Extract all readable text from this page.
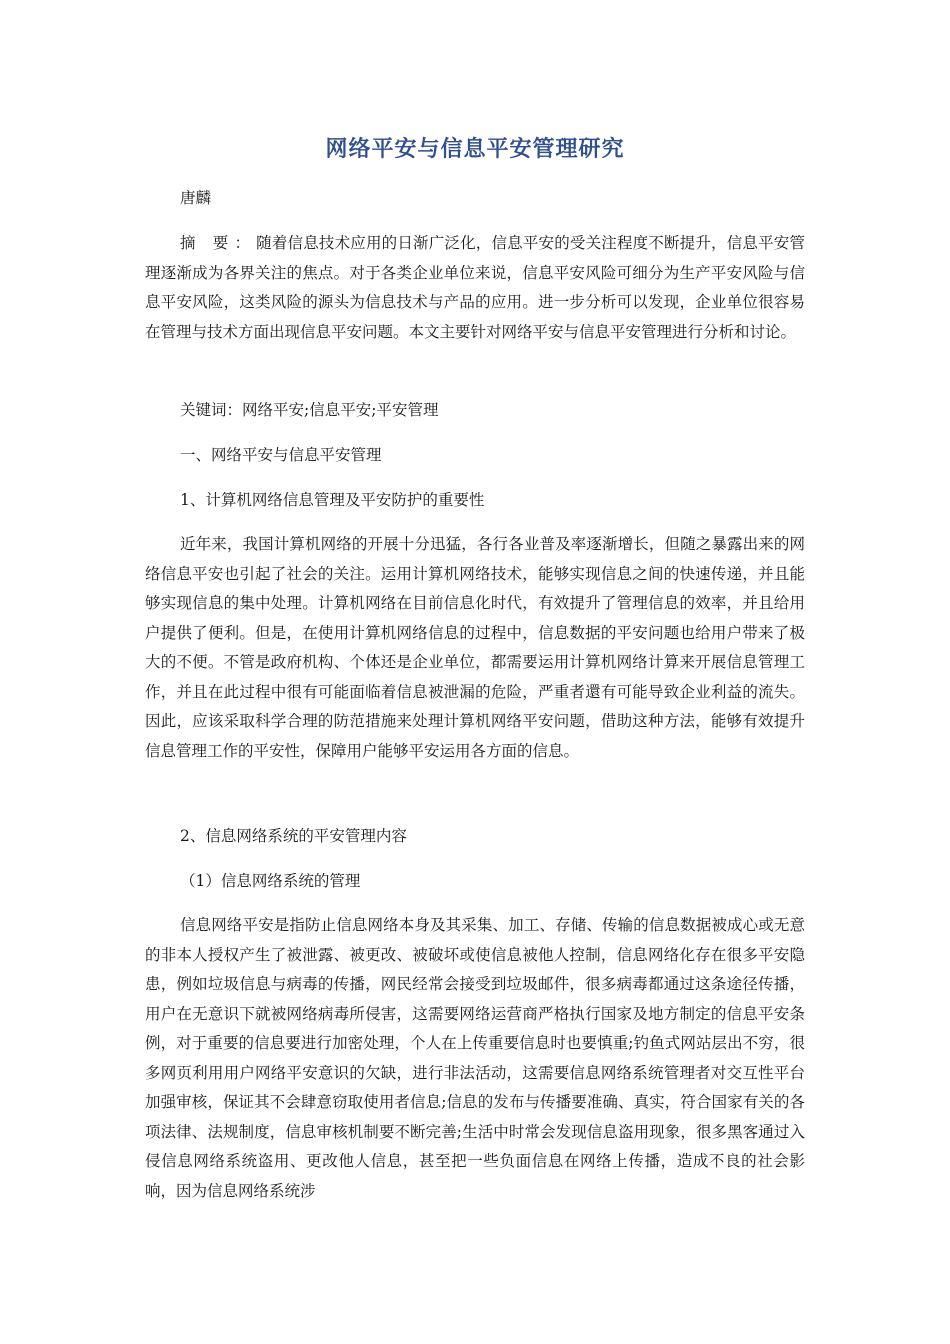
网络平安与信息平安管理研究

唐麟

摘 要：随着信息技术应用的日渐广泛化，信息平安的受关注程度不断提升，信息平安管理逐渐成为各界关注的焦点。对于各类企业单位来说，信息平安风险可细分为生产平安风险与信息平安风险，这类风险的源头为信息技术与产品的应用。进一步分析可以发现，企业单位很容易在管理与技术方面出现信息平安问题。本文主要针对网络平安与信息平安管理进行分析和讨论。

关键词：网络平安;信息平安;平安管理

一、网络平安与信息平安管理

1、计算机网络信息管理及平安防护的重要性

近年来，我国计算机网络的开展十分迅猛，各行各业普及率逐渐增长，但随之暴露出来的网络信息平安也引起了社会的关注。运用计算机网络技术，能够实现信息之间的快速传递，并且能够实现信息的集中处理。计算机网络在目前信息化时代，有效提升了管理信息的效率，并且给用户提供了便利。但是，在使用计算机网络信息的过程中，信息数据的平安问题也给用户带来了极大的不便。不管是政府机构、个体还是企业单位，都需要运用计算机网络计算来开展信息管理工作，并且在此过程中很有可能面临着信息被泄漏的危险，严重者還有可能导致企业利益的流失。因此，应该采取科学合理的防范措施来处理计算机网络平安问题，借助这种方法，能够有效提升信息管理工作的平安性，保障用户能够平安运用各方面的信息。

2、信息网络系统的平安管理内容

（1）信息网络系统的管理

信息网络平安是指防止信息网络本身及其采集、加工、存储、传输的信息数据被成心或无意的非本人授权产生了被泄露、被更改、被破坏或使信息被他人控制，信息网络化存在很多平安隐患，例如垃圾信息与病毒的传播，网民经常会接受到垃圾邮件，很多病毒都通过这条途径传播，用户在无意识下就被网络病毒所侵害，这需要网络运营商严格执行国家及地方制定的信息平安条例，对于重要的信息要进行加密处理，个人在上传重要信息时也要慎重;钓鱼式网站层出不穷，很多网页利用用户网络平安意识的欠缺，进行非法活动，这需要信息网络系统管理者对交互性平台加强审核，保证其不会肆意窃取使用者信息;信息的发布与传播要准确、真实，符合国家有关的各项法律、法规制度，信息审核机制要不断完善;生活中时常会发现信息盗用现象，很多黑客通过入侵信息网络系统盗用、更改他人信息，甚至把一些负面信息在网络上传播，造成不良的社会影响，因为信息网络系统涉
